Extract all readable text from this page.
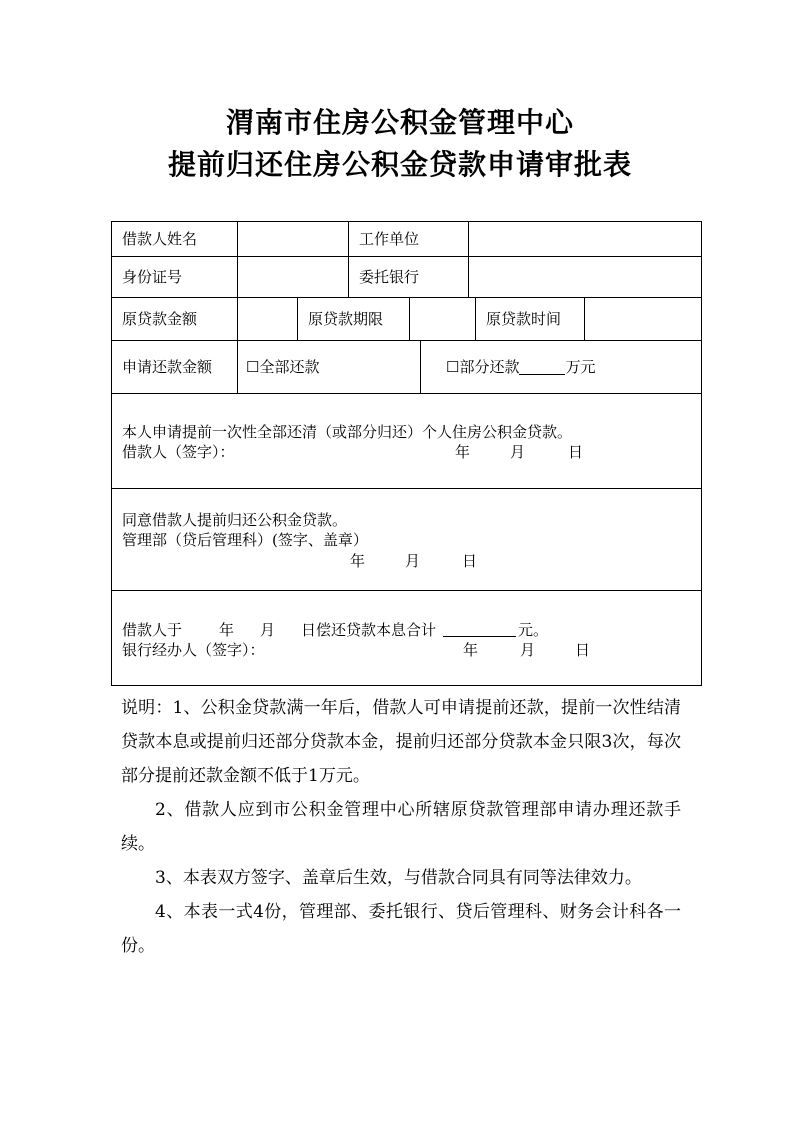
渭南市住房公积金管理中心
提前归还住房公积金贷款申请审批表
借款人姓名	工作单位
身份证号	委托银行
原贷款金额	原贷款期限	原贷款时间
申请还款金额	☐ 全部还款	☐ 部分还款	万元
本人申请提前一次性全部还清（或部分归还）个人住房公积金贷款。
借款人（签字）：	年	月	日
同意借款人提前归还公积金贷款。
管理部（贷后管理科）(签字、盖章）
年	月	日
借款人于 年 月 日偿还贷款本息合计	元。
银行经办人（签字）：	年	月	日

说明：1、公积金贷款满一年后，借款人可申请提前还款，提前一次性结清贷款本息或提前归还部分贷款本金，提前归还部分贷款本金只限3次，每次部分提前还款金额不低于1万元。

2、借款人应到市公积金管理中心所辖原贷款管理部申请办理还款手续。

3、本表双方签字、盖章后生效，与借款合同具有同等法律效力。

4、本表一式4份，管理部、委托银行、贷后管理科、财务会计科各一份。
